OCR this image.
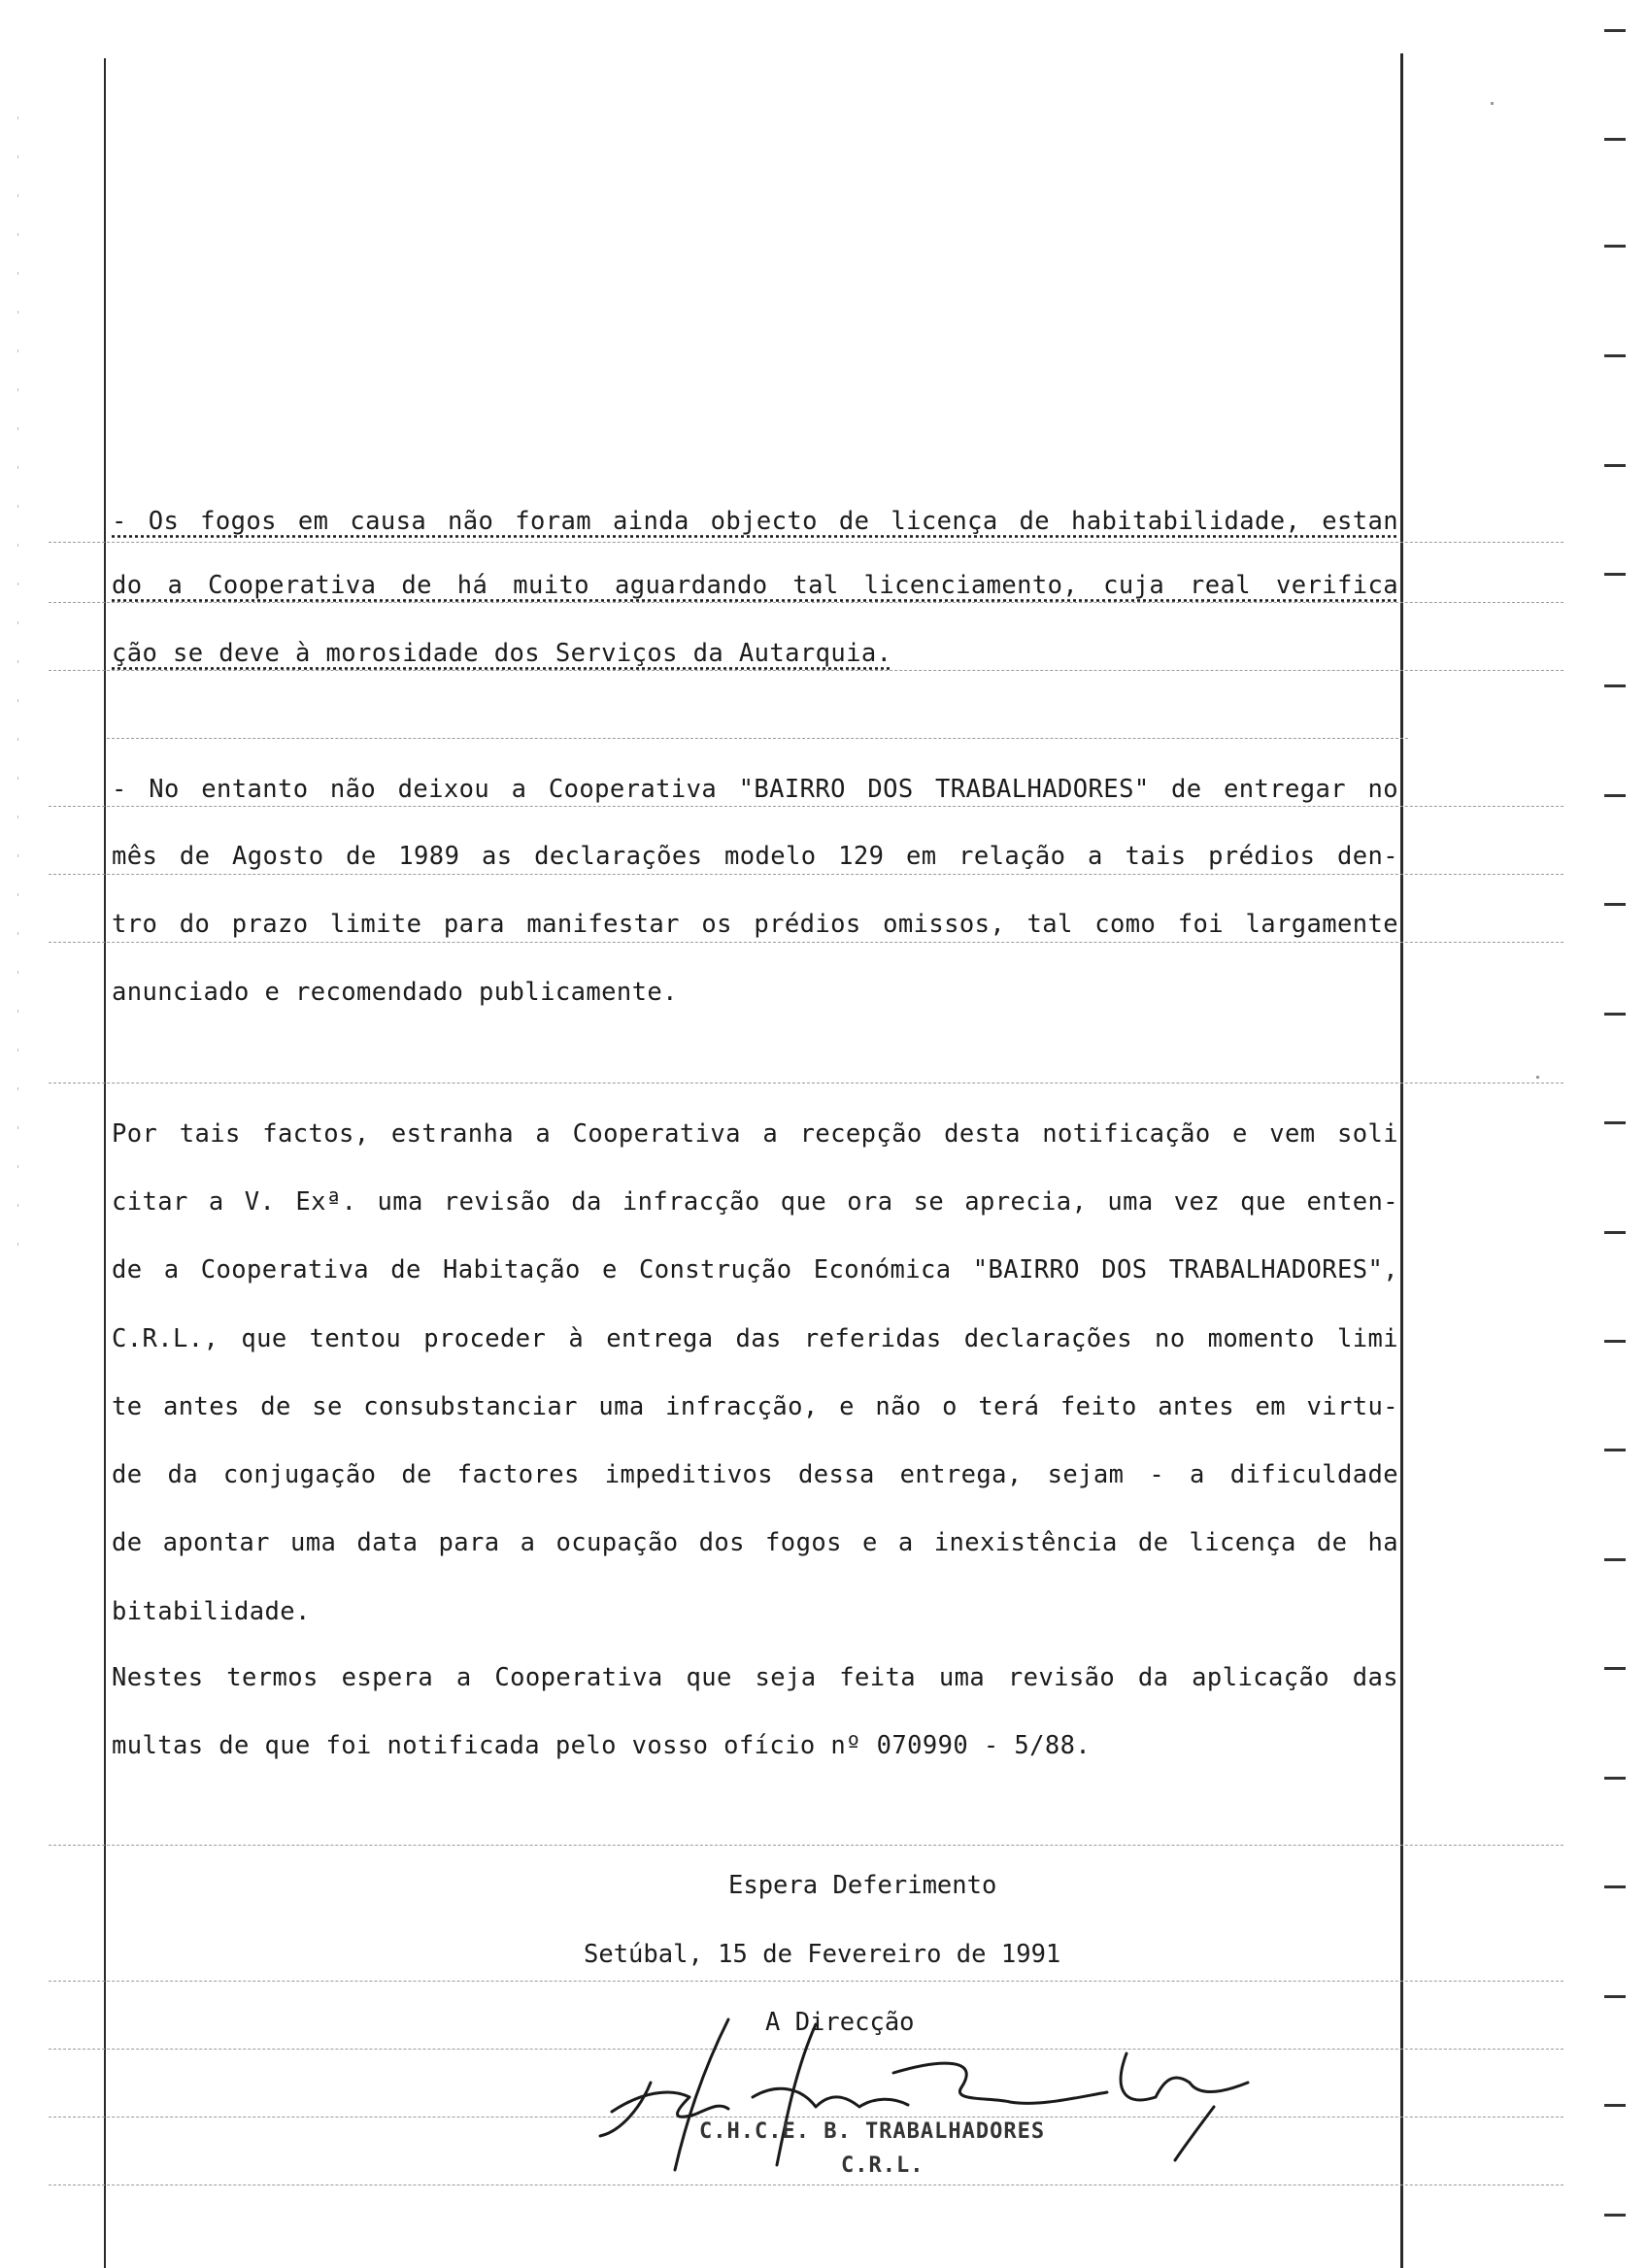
- Os fogos em causa não foram ainda objecto de licença de habitabilidade, estan
do a Cooperativa de há muito aguardando tal licenciamento, cuja real verifica
ção se deve à morosidade dos Serviços da Autarquia.
- No entanto não deixou a Cooperativa "BAIRRO DOS TRABALHADORES" de entregar no
mês de Agosto de 1989 as declarações modelo 129 em relação a tais prédios den-
tro do prazo limite para manifestar os prédios omissos, tal como foi largamente
anunciado e recomendado publicamente.
Por tais factos, estranha a Cooperativa a recepção desta notificação e vem soli
citar a V. Exª. uma revisão da infracção que ora se aprecia, uma vez que enten-
de a Cooperativa de Habitação e Construção Económica "BAIRRO DOS TRABALHADORES",
C.R.L., que tentou proceder à entrega das referidas declarações no momento limi
te antes de se consubstanciar uma infracção, e não o terá feito antes em virtu-
de da conjugação de factores impeditivos dessa entrega, sejam - a dificuldade
de apontar uma data para a ocupação dos fogos e a inexistência de licença de ha
bitabilidade.
Nestes termos espera a Cooperativa que seja feita uma revisão da aplicação das
multas de que foi notificada pelo vosso ofício nº 070990 - 5/88.
Espera Deferimento
Setúbal, 15 de Fevereiro de 1991
A Direcção
C.H.C.E. B. TRABALHADORES
C.R.L.
